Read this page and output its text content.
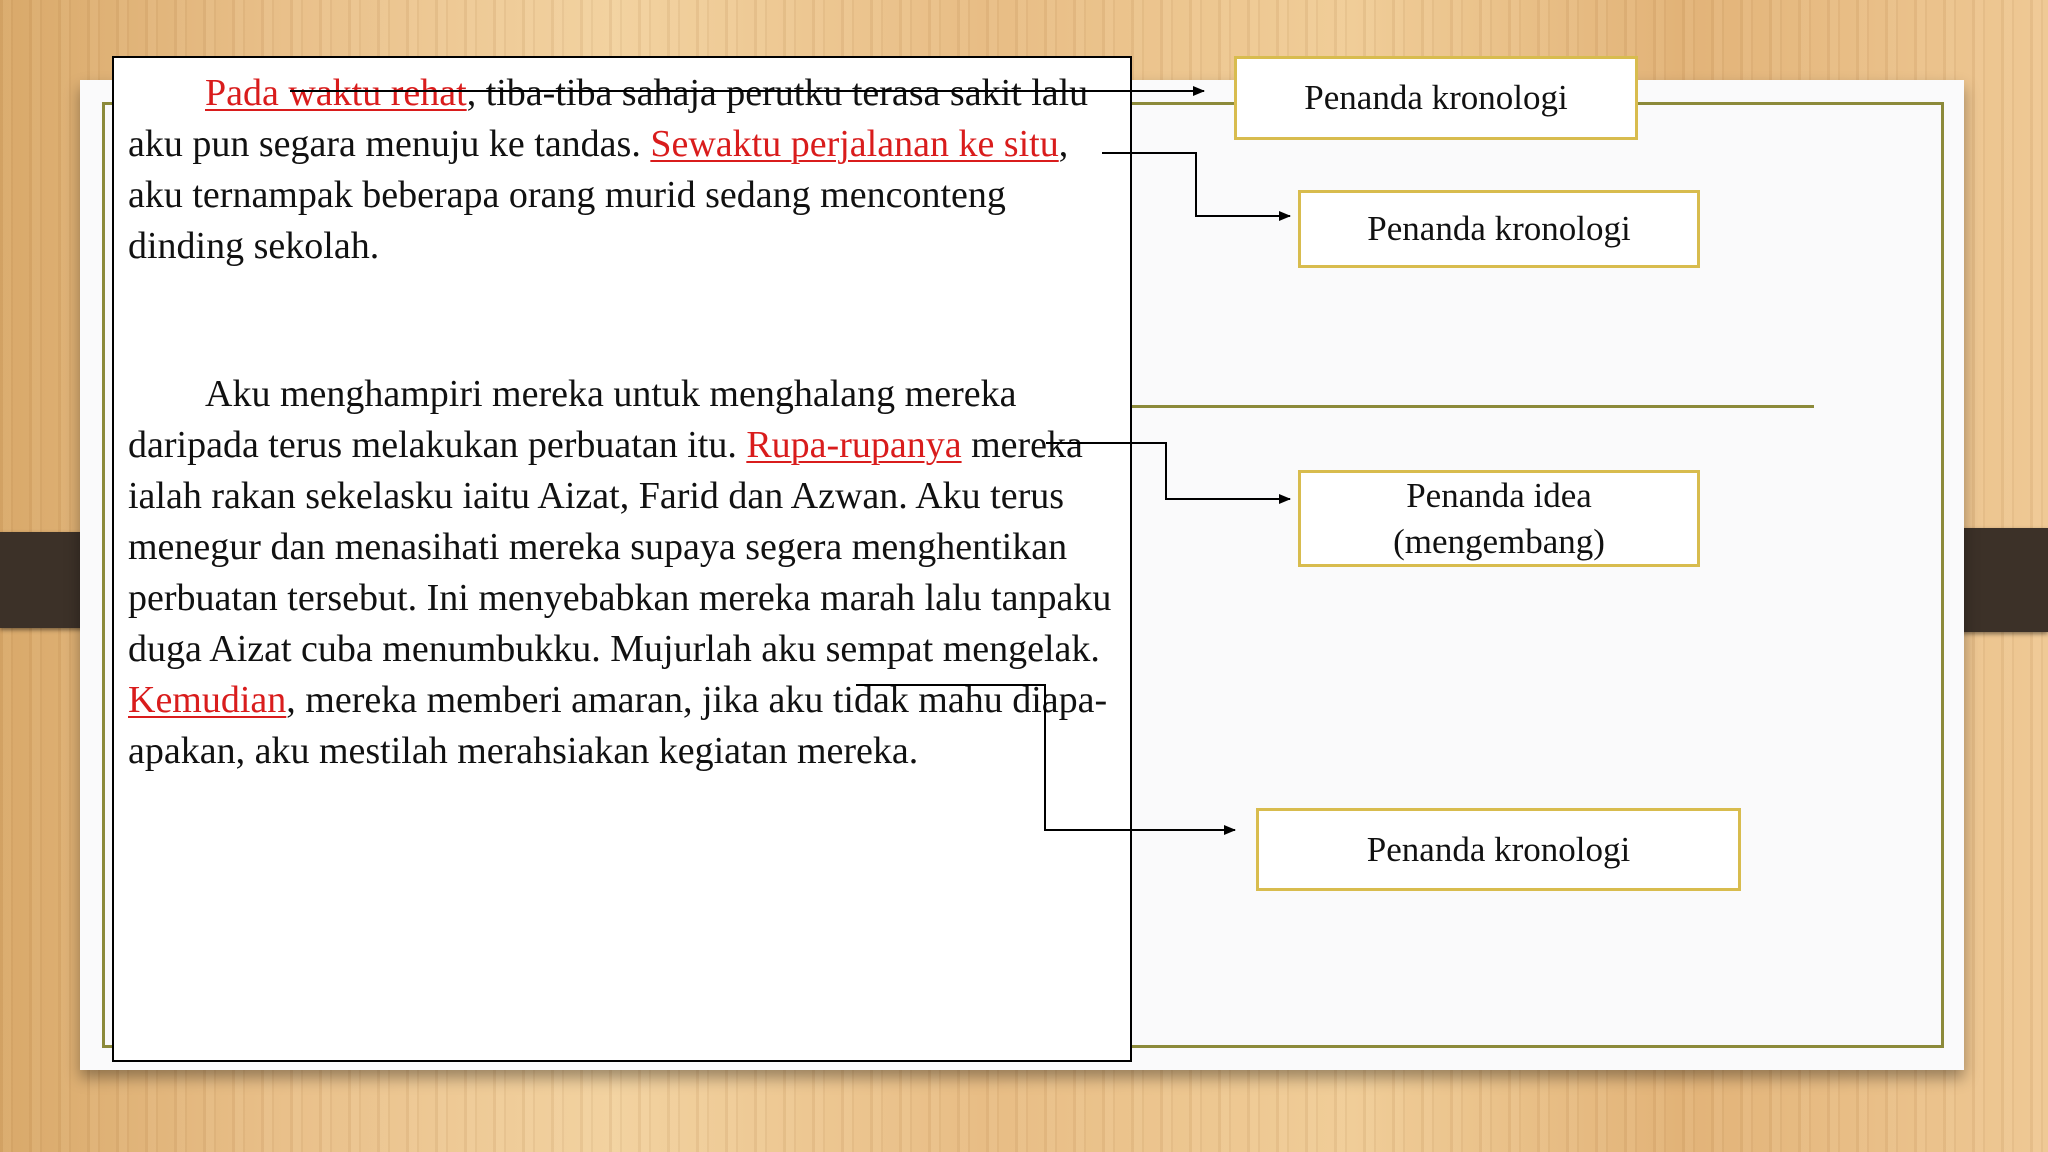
Pada waktu rehat, tiba-tiba sahaja perutku terasa sakit lalu aku pun segara menuju ke tandas. Sewaktu perjalanan ke situ, aku ternampak beberapa orang murid sedang menconteng dinding sekolah.

Aku menghampiri mereka untuk menghalang mereka daripada terus melakukan perbuatan itu. Rupa-rupanya mereka ialah rakan sekelasku iaitu Aizat, Farid dan Azwan. Aku terus menegur dan menasihati mereka supaya segera menghentikan perbuatan tersebut. Ini menyebabkan mereka marah lalu tanpaku duga Aizat cuba menumbukku. Mujurlah aku sempat mengelak. Kemudian, mereka memberi amaran, jika aku tidak mahu diapa-apakan, aku mestilah merahsiakan kegiatan mereka.

Penanda kronologi
Penanda kronologi
Penanda idea
(mengembang)
Penanda kronologi
